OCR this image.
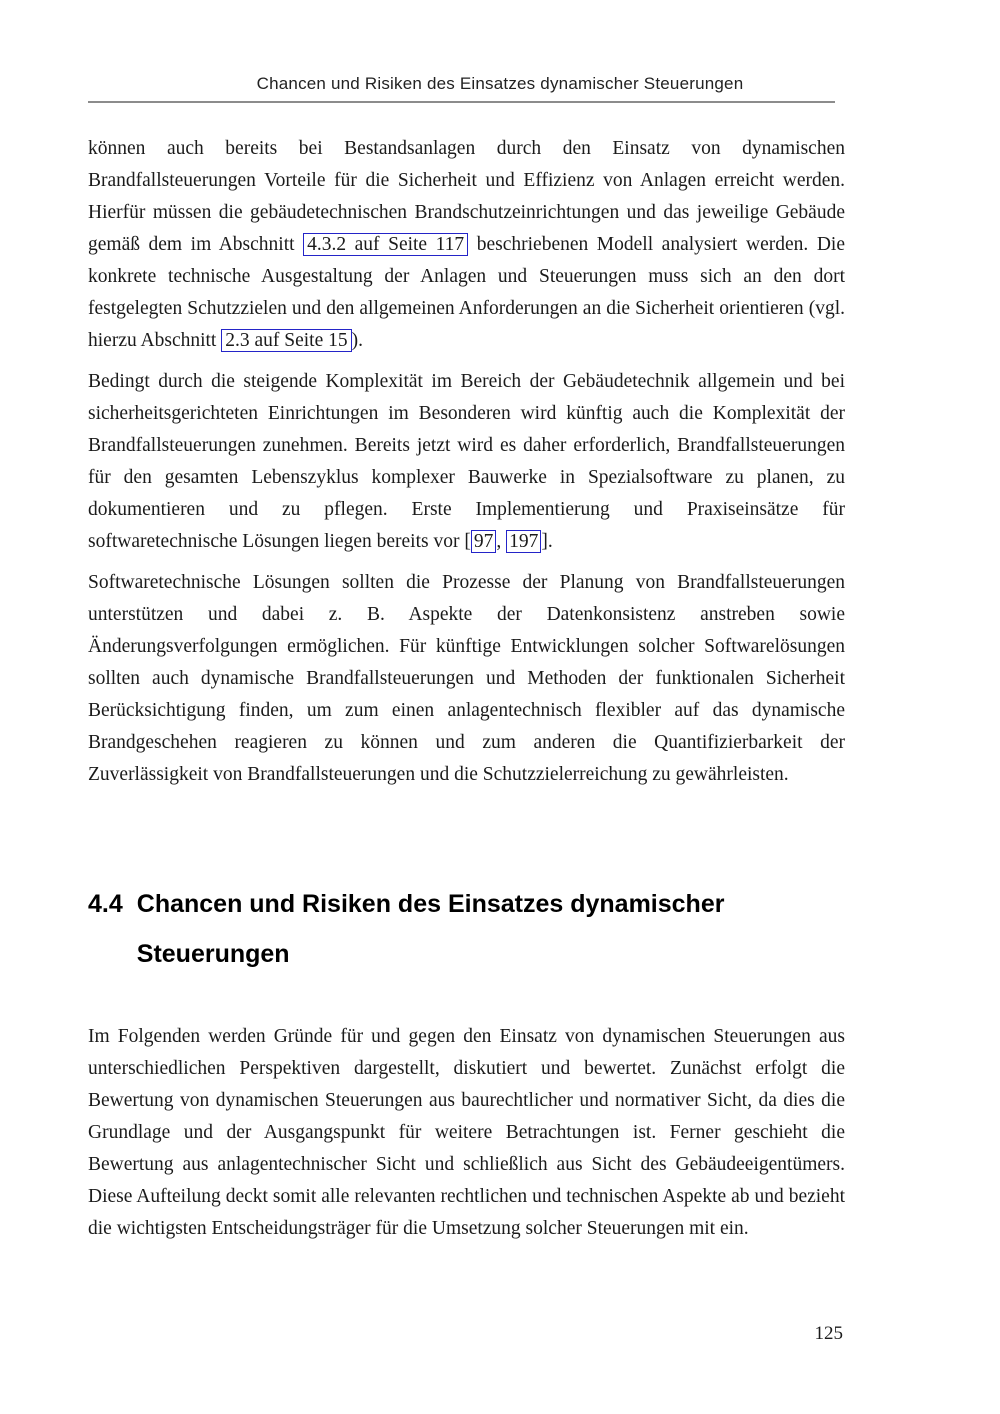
Chancen und Risiken des Einsatzes dynamischer Steuerungen

können auch bereits bei Bestandsanlagen durch den Einsatz von dynamischen Brandfallsteuerungen Vorteile für die Sicherheit und Effizienz von Anlagen erreicht werden. Hierfür müssen die gebäudetechnischen Brandschutzeinrichtungen und das jeweilige Gebäude gemäß dem im Abschnitt 4.3.2 auf Seite 117 beschriebenen Modell analysiert werden. Die konkrete technische Ausgestaltung der Anlagen und Steuerungen muss sich an den dort festgelegten Schutzzielen und den allgemeinen Anforderungen an die Sicherheit orientieren (vgl. hierzu Abschnitt 2.3 auf Seite 15 ).

Bedingt durch die steigende Komplexität im Bereich der Gebäudetechnik allgemein und bei sicherheitsgerichteten Einrichtungen im Besonderen wird künftig auch die Komplexität der Brandfallsteuerungen zunehmen. Bereits jetzt wird es daher erforderlich, Brandfallsteuerungen für den gesamten Lebenszyklus komplexer Bauwerke in Spezialsoftware zu planen, zu dokumentieren und zu pflegen. Erste Implementierung und Praxiseinsätze für softwaretechnische Lösungen liegen bereits vor [ 97 , 197 ].

Softwaretechnische Lösungen sollten die Prozesse der Planung von Brandfallsteuerungen unterstützen und dabei z. B. Aspekte der Datenkonsistenz anstreben sowie Änderungsverfolgungen ermöglichen. Für künftige Entwicklungen solcher Softwarelösungen sollten auch dynamische Brandfallsteuerungen und Methoden der funktionalen Sicherheit Berücksichtigung finden, um zum einen anlagentechnisch flexibler auf das dynamische Brandgeschehen reagieren zu können und zum anderen die Quantifizierbarkeit der Zuverlässigkeit von Brandfallsteuerungen und die Schutzzielerreichung zu gewährleisten.

4.4 Chancen und Risiken des Einsatzes dynamischer Steuerungen

Im Folgenden werden Gründe für und gegen den Einsatz von dynamischen Steuerungen aus unterschiedlichen Perspektiven dargestellt, diskutiert und bewertet. Zunächst erfolgt die Bewertung von dynamischen Steuerungen aus baurechtlicher und normativer Sicht, da dies die Grundlage und der Ausgangspunkt für weitere Betrachtungen ist. Ferner geschieht die Bewertung aus anlagentechnischer Sicht und schließlich aus Sicht des Gebäudeeigentümers. Diese Aufteilung deckt somit alle relevanten rechtlichen und technischen Aspekte ab und bezieht die wichtigsten Entscheidungsträger für die Umsetzung solcher Steuerungen mit ein.

125
